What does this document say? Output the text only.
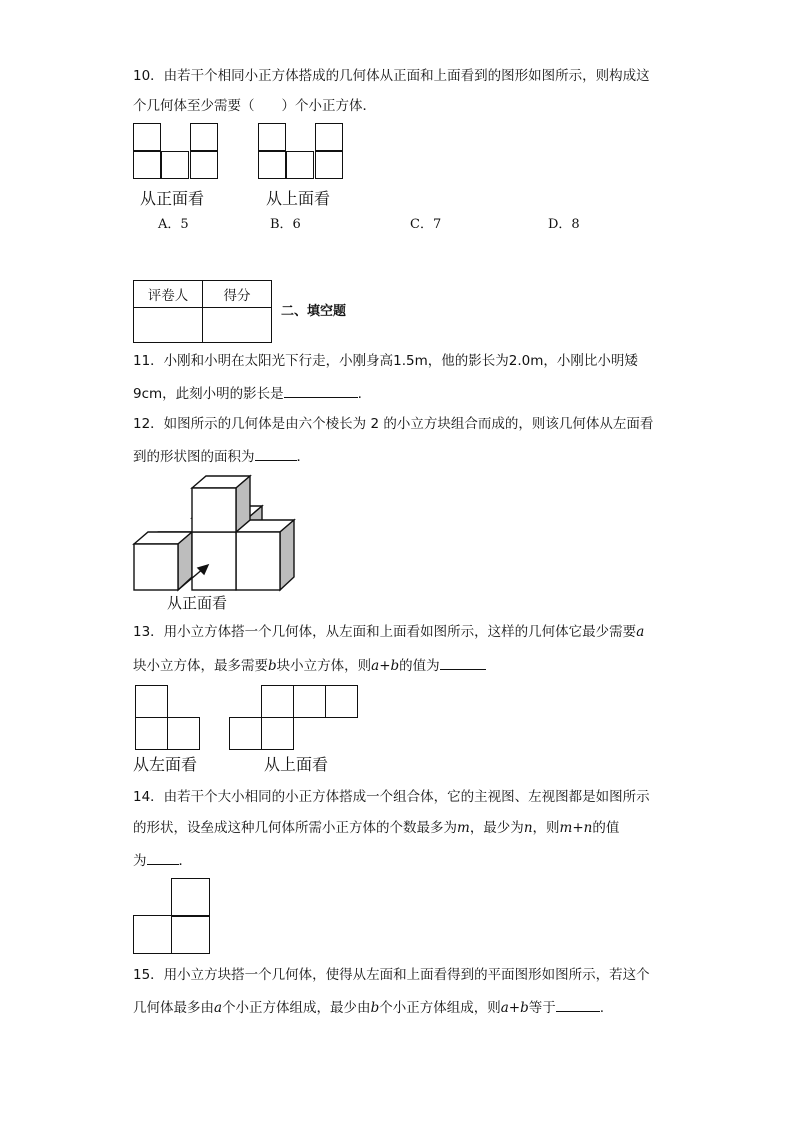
10．由若干个相同小正方体搭成的几何体从正面和上面看到的图形如图所示，则构成这
个几何体至少需要（　　）个小正方体．
从正面看	从上面看
A．5	B．6	C．7	D．8
评卷人	得分

二、填空题
11．小刚和小明在太阳光下行走，小刚身高1.5m，他的影长为2.0m，小刚比小明矮
9cm，此刻小明的影长是	.
12．如图所示的几何体是由六个棱长为 2 的小立方块组合而成的，则该几何体从左面看
到的形状图的面积为	．
从正面看
13．用小立方体搭一个几何体，从左面和上面看如图所示，这样的几何体它最少需要a
块小立方体，最多需要b块小立方体，则a+b的值为
从左面看	从上面看
14．由若干个大小相同的小正方体搭成一个组合体，它的主视图、左视图都是如图所示
的形状，设垒成这种几何体所需小正方体的个数最多为m，最少为n，则m+n的值
为 ．
15．用小立方块搭一个几何体，使得从左面和上面看得到的平面图形如图所示，若这个
几何体最多由a个小正方体组成，最少由b个小正方体组成，则a+b等于	.
